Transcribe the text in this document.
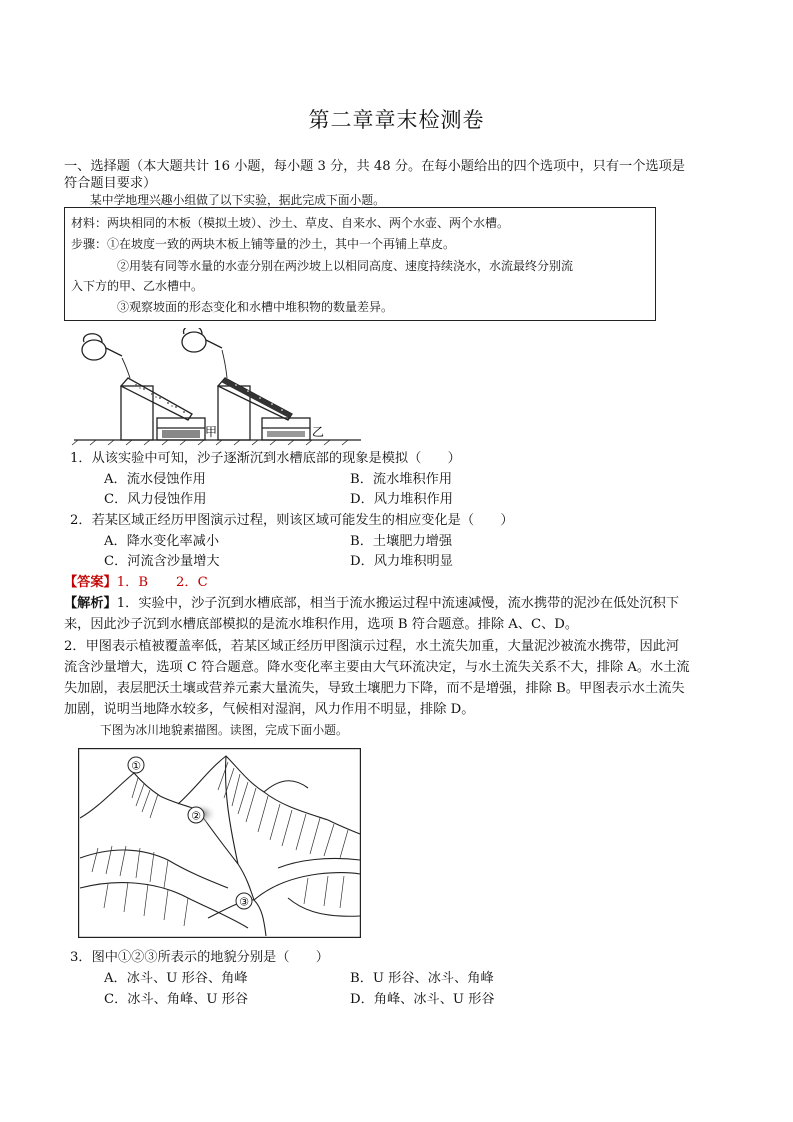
第二章章末检测卷
一、选择题（本大题共计 16 小题，每小题 3 分，共 48 分。在每小题给出的四个选项中，只有一个选项是
符合题目要求）
某中学地理兴趣小组做了以下实验，据此完成下面小题。
材料：两块相同的木板（模拟土坡）、沙土、草皮、自来水、两个水壶、两个水槽。
步骤：①在坡度一致的两块木板上铺等量的沙土，其中一个再铺上草皮。
②用装有同等水量的水壶分别在两沙坡上以相同高度、速度持续浇水，水流最终分别流
入下方的甲、乙水槽中。
③观察坡面的形态变化和水槽中堆积物的数量差异。
甲	乙
1．从该实验中可知，沙子逐渐沉到水槽底部的现象是模拟（　　）
A．流水侵蚀作用	B．流水堆积作用
C．风力侵蚀作用	D．风力堆积作用
2．若某区域正经历甲图演示过程，则该区域可能发生的相应变化是（　　）
A．降水变化率减小	B．土壤肥力增强
C．河流含沙量增大	D．风力堆积明显
【答案】1．B 2．C
【解析】1．实验中，沙子沉到水槽底部，相当于流水搬运过程中流速减慢，流水携带的泥沙在低处沉积下
来，因此沙子沉到水槽底部模拟的是流水堆积作用，选项 B 符合题意。排除 A、C、D。
2．甲图表示植被覆盖率低，若某区域正经历甲图演示过程，水土流失加重，大量泥沙被流水携带，因此河
流含沙量增大，选项 C 符合题意。降水变化率主要由大气环流决定，与水土流失关系不大，排除 A。水土流
失加剧，表层肥沃土壤或营养元素大量流失，导致土壤肥力下降，而不是增强，排除 B。甲图表示水土流失
加剧，说明当地降水较多，气候相对湿润，风力作用不明显，排除 D。
下图为冰川地貌素描图。读图，完成下面小题。
①
②
③
3．图中①②③所表示的地貌分别是（　　）
A．冰斗、U 形谷、角峰	B．U 形谷、冰斗、角峰
C．冰斗、角峰、U 形谷	D．角峰、冰斗、U 形谷
